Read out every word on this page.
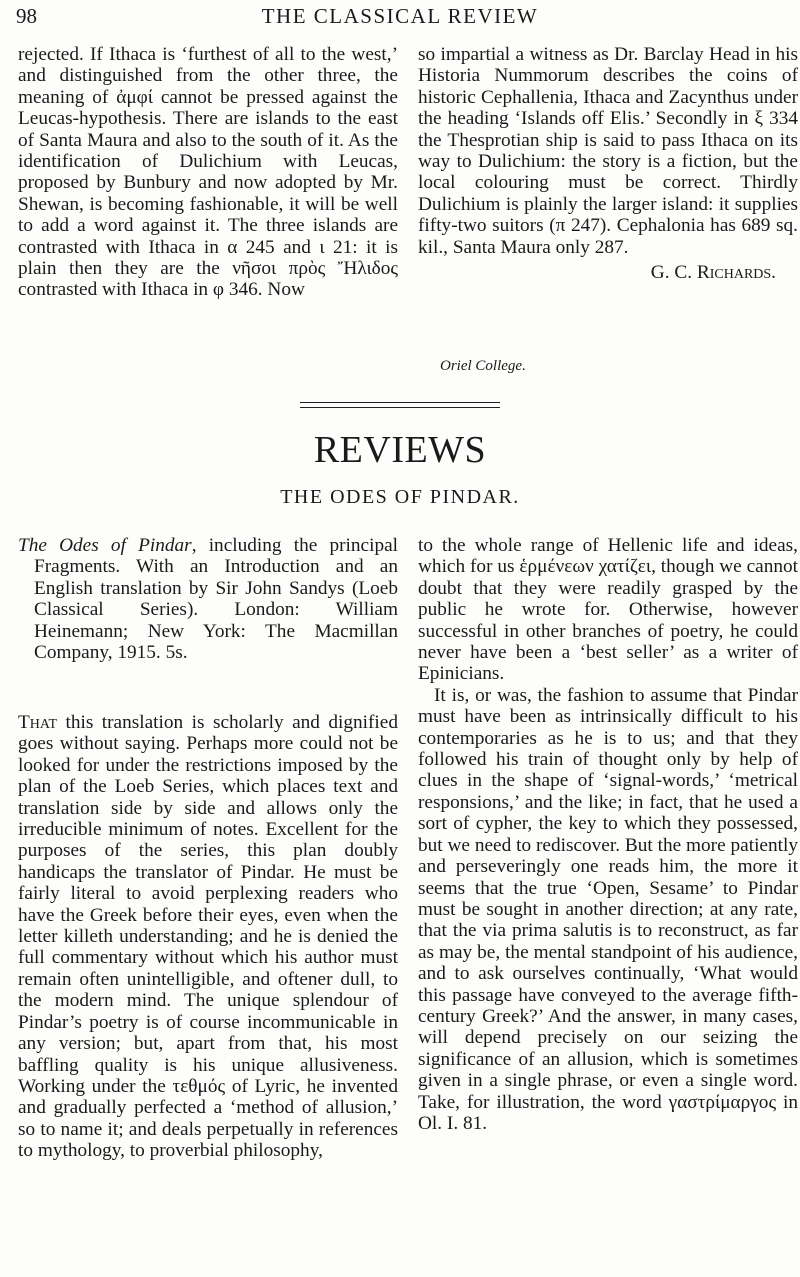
98	THE CLASSICAL REVIEW

rejected. If Ithaca is ‘furthest of all to the west,’ and distinguished from the other three, the meaning of ἀμφί cannot be pressed against the Leucas-hypothesis. There are islands to the east of Santa Maura and also to the south of it. As the identification of Dulichium with Leucas, proposed by Bunbury and now adopted by Mr. Shewan, is becoming fashionable, it will be well to add a word against it. The three islands are contrasted with Ithaca in α 245 and ι 21: it is plain then they are the νῆσοι πρὸς Ἤλιδος contrasted with Ithaca in φ 346. Now

so impartial a witness as Dr. Barclay Head in his Historia Nummorum describes the coins of historic Cephallenia, Ithaca and Zacynthus under the heading ‘Islands off Elis.’ Secondly in ξ 334 the Thesprotian ship is said to pass Ithaca on its way to Dulichium: the story is a fiction, but the local colouring must be correct. Thirdly Dulichium is plainly the larger island: it supplies fifty-two suitors (π 247). Cephalonia has 689 sq. kil., Santa Maura only 287.

G. C. Richards.

Oriel College.
REVIEWS
THE ODES OF PINDAR.
The Odes of Pindar, including the principal Fragments. With an Introduction and an English translation by Sir John Sandys (Loeb Classical Series). London: William Heinemann; New York: The Macmillan Company, 1915. 5s.

That this translation is scholarly and dignified goes without saying. Perhaps more could not be looked for under the restrictions imposed by the plan of the Loeb Series, which places text and translation side by side and allows only the irreducible minimum of notes. Excellent for the purposes of the series, this plan doubly handicaps the translator of Pindar. He must be fairly literal to avoid perplexing readers who have the Greek before their eyes, even when the letter killeth understanding; and he is denied the full commentary without which his author must remain often unintelligible, and oftener dull, to the modern mind. The unique splendour of Pindar’s poetry is of course incommunicable in any version; but, apart from that, his most baffling quality is his unique allusiveness. Working under the τεθμός of Lyric, he invented and gradually perfected a ‘method of allusion,’ so to name it; and deals perpetually in references to mythology, to proverbial philosophy,

to the whole range of Hellenic life and ideas, which for us ἑρμένεων χατίζει, though we cannot doubt that they were readily grasped by the public he wrote for. Otherwise, however successful in other branches of poetry, he could never have been a ‘best seller’ as a writer of Epinicians.

It is, or was, the fashion to assume that Pindar must have been as intrinsically difficult to his contemporaries as he is to us; and that they followed his train of thought only by help of clues in the shape of ‘signal-words,’ ‘metrical responsions,’ and the like; in fact, that he used a sort of cypher, the key to which they possessed, but we need to rediscover. But the more patiently and perseveringly one reads him, the more it seems that the true ‘Open, Sesame’ to Pindar must be sought in another direction; at any rate, that the via prima salutis is to reconstruct, as far as may be, the mental standpoint of his audience, and to ask ourselves continually, ‘What would this passage have conveyed to the average fifth-century Greek?’ And the answer, in many cases, will depend precisely on our seizing the significance of an allusion, which is sometimes given in a single phrase, or even a single word. Take, for illustration, the word γαστρίμαργος in Ol. I. 81.
